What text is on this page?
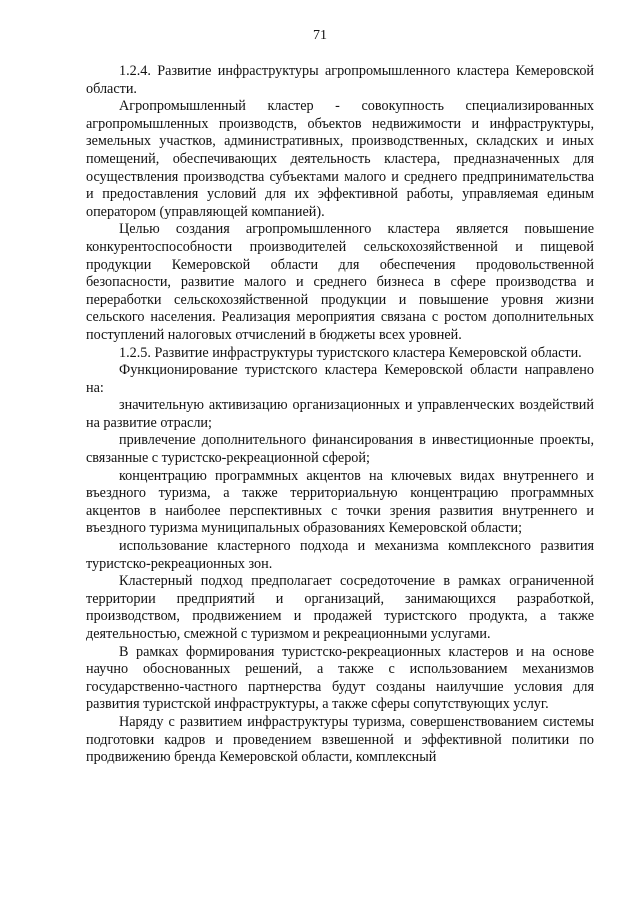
71

1.2.4. Развитие инфраструктуры агропромышленного кластера Кемеровской области.

Агропромышленный кластер - совокупность специализированных агропромышленных производств, объектов недвижимости и инфраструктуры, земельных участков, административных, производственных, складских и иных помещений, обеспечивающих деятельность кластера, предназначенных для осуществления производства субъектами малого и среднего предпринимательства и предоставления условий для их эффективной работы, управляемая единым оператором (управляющей компанией).

Целью создания агропромышленного кластера является повышение конкурентоспособности производителей сельскохозяйственной и пищевой продукции Кемеровской области для обеспечения продовольственной безопасности, развитие малого и среднего бизнеса в сфере производства и переработки сельскохозяйственной продукции и повышение уровня жизни сельского населения. Реализация мероприятия связана с ростом дополнительных поступлений налоговых отчислений в бюджеты всех уровней.

1.2.5. Развитие инфраструктуры туристского кластера Кемеровской области.

Функционирование туристского кластера Кемеровской области направлено на:

значительную активизацию организационных и управленческих воздействий на развитие отрасли;

привлечение дополнительного финансирования в инвестиционные проекты, связанные с туристско-рекреационной сферой;

концентрацию программных акцентов на ключевых видах внутреннего и въездного туризма, а также территориальную концентрацию программных акцентов в наиболее перспективных с точки зрения развития внутреннего и въездного туризма муниципальных образованиях Кемеровской области;

использование кластерного подхода и механизма комплексного развития туристско-рекреационных зон.

Кластерный подход предполагает сосредоточение в рамках ограниченной территории предприятий и организаций, занимающихся разработкой, производством, продвижением и продажей туристского продукта, а также деятельностью, смежной с туризмом и рекреационными услугами.

В рамках формирования туристско-рекреационных кластеров и на основе научно обоснованных решений, а также с использованием механизмов государственно-частного партнерства будут созданы наилучшие условия для развития туристской инфраструктуры, а также сферы сопутствующих услуг.

Наряду с развитием инфраструктуры туризма, совершенствованием системы подготовки кадров и проведением взвешенной и эффективной политики по продвижению бренда Кемеровской области, комплексный
